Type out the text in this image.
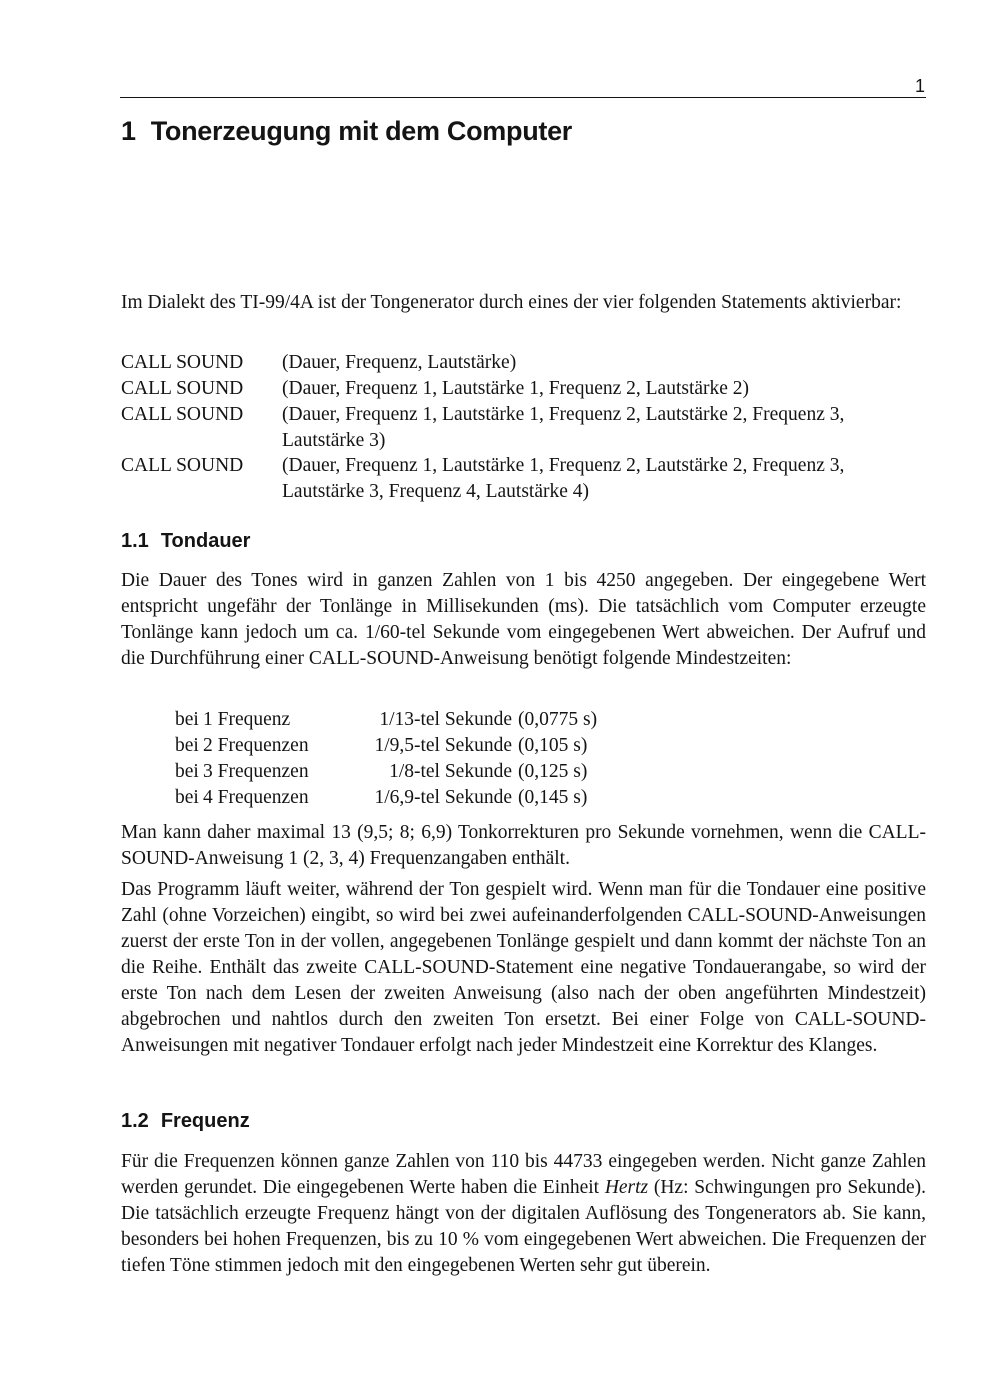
1
1 Tonerzeugung mit dem Computer

Im Dialekt des TI-99/4A ist der Tongenerator durch eines der vier folgenden Statements aktivierbar:

CALL SOUND (Dauer, Frequenz, Lautstärke)
CALL SOUND (Dauer, Frequenz 1, Lautstärke 1, Frequenz 2, Lautstärke 2)
CALL SOUND (Dauer, Frequenz 1, Lautstärke 1, Frequenz 2, Lautstärke 2, Frequenz 3, Lautstärke 3)
CALL SOUND (Dauer, Frequenz 1, Lautstärke 1, Frequenz 2, Lautstärke 2, Frequenz 3, Lautstärke 3, Frequenz 4, Lautstärke 4)
1.1 Tondauer

Die Dauer des Tones wird in ganzen Zahlen von 1 bis 4250 angegeben. Der eingegebene Wert entspricht ungefähr der Tonlänge in Millisekunden (ms). Die tatsächlich vom Computer erzeugte Tonlänge kann jedoch um ca. 1/60-tel Sekunde vom eingegebenen Wert abweichen. Der Aufruf und die Durchführung einer CALL-SOUND-Anweisung benötigt folgende Mindestzeiten:

bei 1 Frequenz	1/13-tel Sekunde (0,0775 s)
bei 2 Frequenzen	1/9,5-tel Sekunde (0,105 s)
bei 3 Frequenzen	1/8-tel Sekunde (0,125 s)
bei 4 Frequenzen	1/6,9-tel Sekunde (0,145 s)

Man kann daher maximal 13 (9,5; 8; 6,9) Tonkorrekturen pro Sekunde vornehmen, wenn die CALL-SOUND-Anweisung 1 (2, 3, 4) Frequenzangaben enthält.

Das Programm läuft weiter, während der Ton gespielt wird. Wenn man für die Tondauer eine positive Zahl (ohne Vorzeichen) eingibt, so wird bei zwei aufeinanderfolgenden CALL-SOUND-Anweisungen zuerst der erste Ton in der vollen, angegebenen Tonlänge gespielt und dann kommt der nächste Ton an die Reihe. Enthält das zweite CALL-SOUND-Statement eine negative Tondauerangabe, so wird der erste Ton nach dem Lesen der zweiten Anweisung (also nach der oben angeführten Mindestzeit) abgebrochen und nahtlos durch den zweiten Ton ersetzt. Bei einer Folge von CALL-SOUND-Anweisungen mit negativer Tondauer erfolgt nach jeder Mindestzeit eine Korrektur des Klanges.

1.2 Frequenz

Für die Frequenzen können ganze Zahlen von 110 bis 44733 eingegeben werden. Nicht ganze Zahlen werden gerundet. Die eingegebenen Werte haben die Einheit Hertz (Hz: Schwingungen pro Sekunde). Die tatsächlich erzeugte Frequenz hängt von der digitalen Auflösung des Tongenerators ab. Sie kann, besonders bei hohen Frequenzen, bis zu 10 % vom eingegebenen Wert abweichen. Die Frequenzen der tiefen Töne stimmen jedoch mit den eingegebenen Werten sehr gut überein.
